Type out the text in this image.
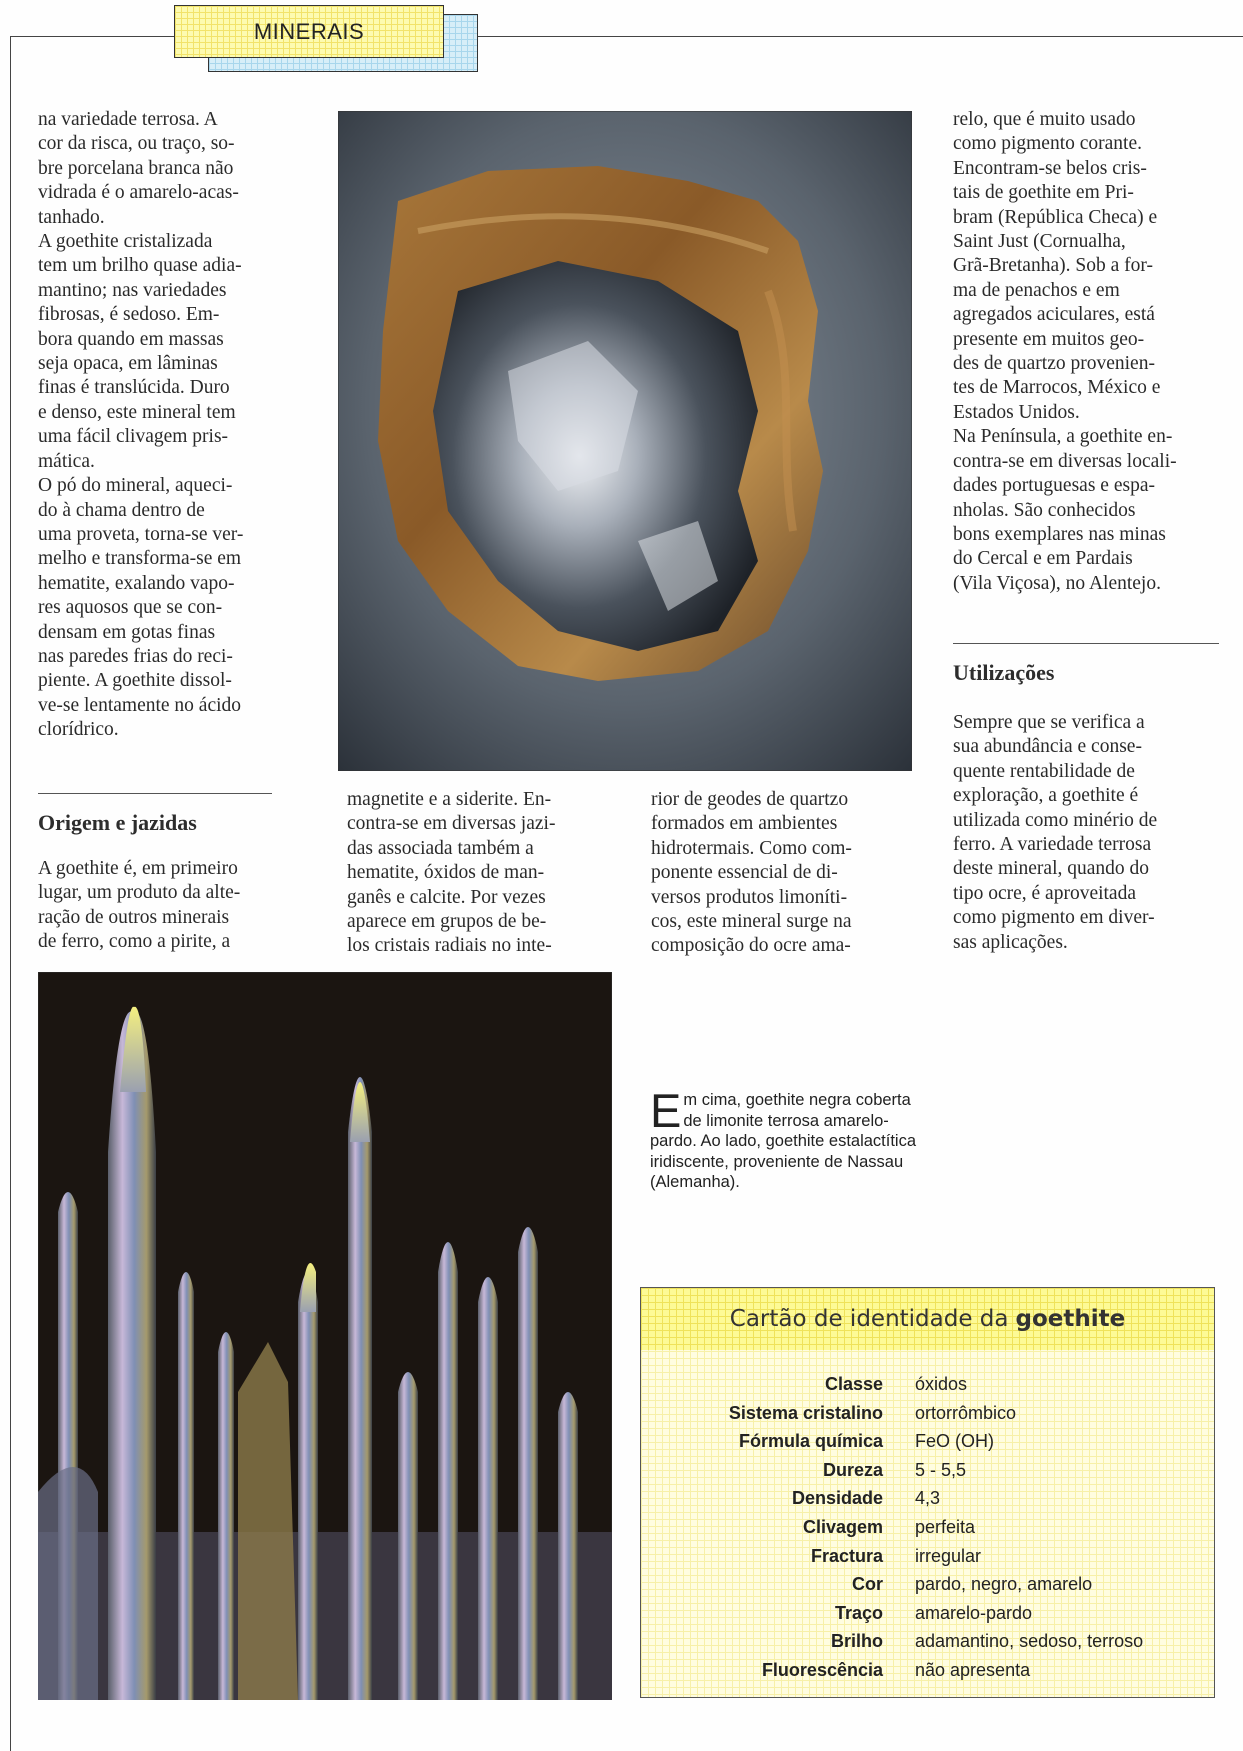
MINERAIS

na variedade terrosa. A
cor da risca, ou traço, so-
bre porcelana branca não
vidrada é o amarelo-acas-
tanhado.
A goethite cristalizada
tem um brilho quase adia-
mantino; nas variedades
fibrosas, é sedoso. Em-
bora quando em massas
seja opaca, em lâminas
finas é translúcida. Duro
e denso, este mineral tem
uma fácil clivagem pris-
mática.
O pó do mineral, aqueci-
do à chama dentro de
uma proveta, torna-se ver-
melho e transforma-se em
hematite, exalando vapo-
res aquosos que se con-
densam em gotas finas
nas paredes frias do reci-
piente. A goethite dissol-
ve-se lentamente no ácido
clorídrico.

relo, que é muito usado
como pigmento corante.
Encontram-se belos cris-
tais de goethite em Pri-
bram (República Checa) e
Saint Just (Cornualha,
Grã-Bretanha). Sob a for-
ma de penachos e em
agregados aciculares, está
presente em muitos geo-
des de quartzo provenien-
tes de Marrocos, México e
Estados Unidos.
Na Península, a goethite en-
contra-se em diversas locali-
dades portuguesas e espa-
nholas. São conhecidos
bons exemplares nas minas
do Cercal e em Pardais
(Vila Viçosa), no Alentejo.

Origem e jazidas

A goethite é, em primeiro
lugar, um produto da alte-
ração de outros minerais
de ferro, como a pirite, a

magnetite e a siderite. En-
contra-se em diversas jazi-
das associada também a
hematite, óxidos de man-
ganês e calcite. Por vezes
aparece em grupos de be-
los cristais radiais no inte-

rior de geodes de quartzo
formados em ambientes
hidrotermais. Como com-
ponente essencial de di-
versos produtos limoníti-
cos, este mineral surge na
composição do ocre ama-

Utilizações

Sempre que se verifica a
sua abundância e conse-
quente rentabilidade de
exploração, a goethite é
utilizada como minério de
ferro. A variedade terrosa
deste mineral, quando do
tipo ocre, é aproveitada
como pigmento em diver-
sas aplicações.

Em cima, goethite negra coberta de limonite terrosa amarelo-pardo. Ao lado, goethite estalactítica iridiscente, proveniente de Nassau (Alemanha).
Cartão de identidade da goethite
Classe óxidos
Sistema cristalino ortorrômbico
Fórmula química FeO (OH)
Dureza 5 - 5,5
Densidade 4,3
Clivagem perfeita
Fractura irregular
Cor pardo, negro, amarelo
Traço amarelo-pardo
Brilho adamantino, sedoso, terroso
Fluorescência não apresenta
